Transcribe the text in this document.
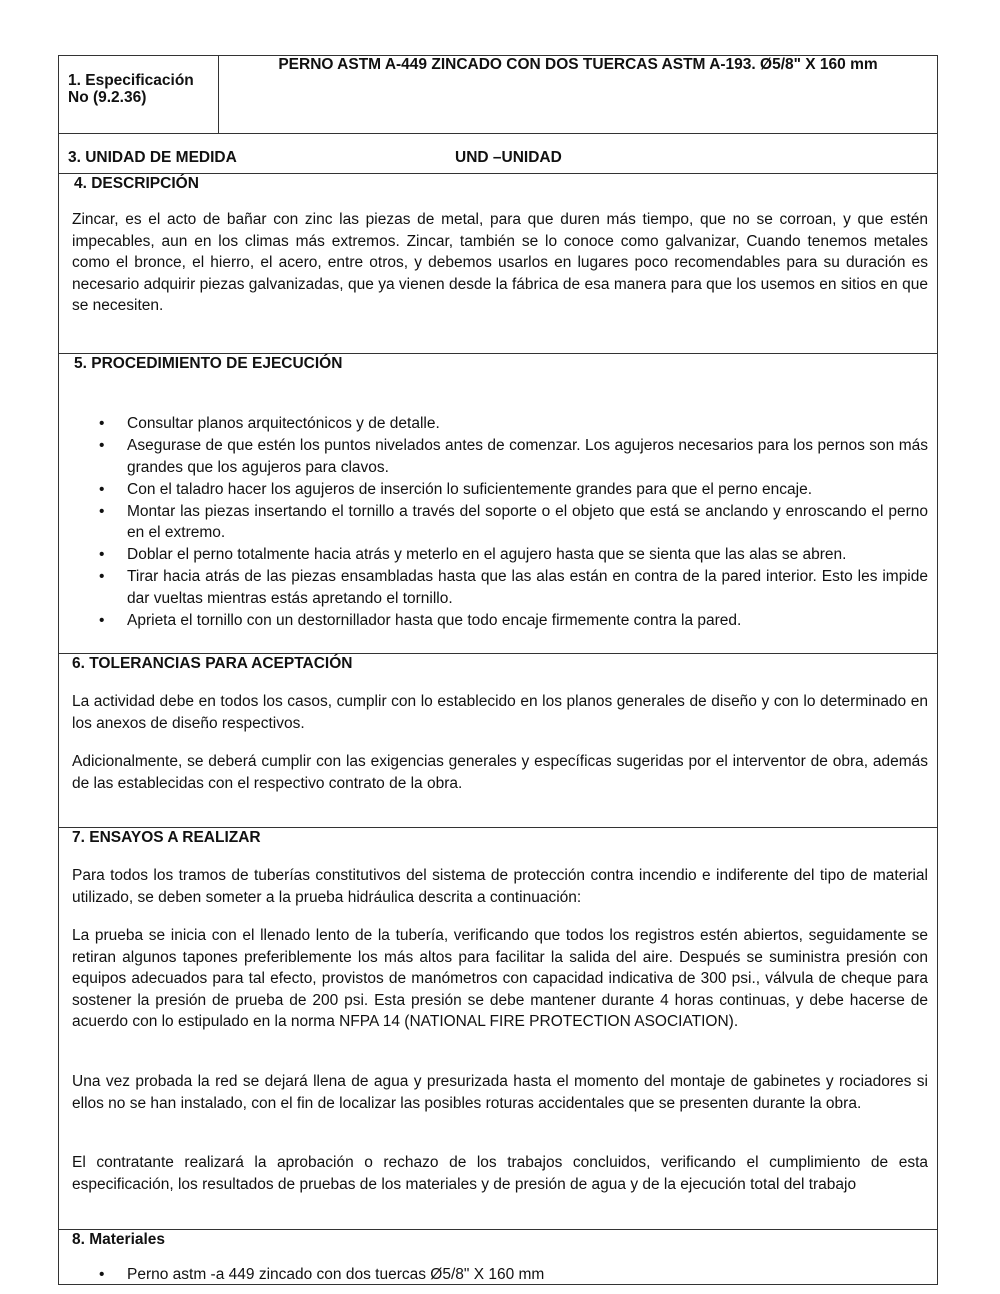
1. Especificación No (9.2.36)
PERNO ASTM A-449 ZINCADO CON DOS TUERCAS ASTM A-193. Ø5/8" X 160 mm
3. UNIDAD DE MEDIDA	UND –UNIDAD
4. DESCRIPCIÓN
Zincar, es el acto de bañar con zinc las piezas de metal, para que duren más tiempo, que no se corroan, y que estén impecables, aun en los climas más extremos. Zincar, también se lo conoce como galvanizar, Cuando tenemos metales como el bronce, el hierro, el acero, entre otros, y debemos usarlos en lugares poco recomendables para su duración es necesario adquirir piezas galvanizadas, que ya vienen desde la fábrica de esa manera para que los usemos en sitios en que se necesiten.
5. PROCEDIMIENTO DE EJECUCIÓN
• Consultar planos arquitectónicos y de detalle.
• Asegurase de que estén los puntos nivelados antes de comenzar. Los agujeros necesarios para los pernos son más grandes que los agujeros para clavos.
• Con el taladro hacer los agujeros de inserción lo suficientemente grandes para que el perno encaje.
• Montar las piezas insertando el tornillo a través del soporte o el objeto que está se anclando y enroscando el perno en el extremo.
• Doblar el perno totalmente hacia atrás y meterlo en el agujero hasta que se sienta que las alas se abren.
• Tirar hacia atrás de las piezas ensambladas hasta que las alas están en contra de la pared interior. Esto les impide dar vueltas mientras estás apretando el tornillo.
• Aprieta el tornillo con un destornillador hasta que todo encaje firmemente contra la pared.
6. TOLERANCIAS PARA ACEPTACIÓN
La actividad debe en todos los casos, cumplir con lo establecido en los planos generales de diseño y con lo determinado en los anexos de diseño respectivos.
Adicionalmente, se deberá cumplir con las exigencias generales y específicas sugeridas por el interventor de obra, además de las establecidas con el respectivo contrato de la obra.
7. ENSAYOS A REALIZAR
Para todos los tramos de tuberías constitutivos del sistema de protección contra incendio e indiferente del tipo de material utilizado, se deben someter a la prueba hidráulica descrita a continuación:
La prueba se inicia con el llenado lento de la tubería, verificando que todos los registros estén abiertos, seguidamente se retiran algunos tapones preferiblemente los más altos para facilitar la salida del aire. Después se suministra presión con equipos adecuados para tal efecto, provistos de manómetros con capacidad indicativa de 300 psi., válvula de cheque para sostener la presión de prueba de 200 psi. Esta presión se debe mantener durante 4 horas continuas, y debe hacerse de acuerdo con lo estipulado en la norma NFPA 14 (NATIONAL FIRE PROTECTION ASOCIATION).
Una vez probada la red se dejará llena de agua y presurizada hasta el momento del montaje de gabinetes y rociadores si ellos no se han instalado, con el fin de localizar las posibles roturas accidentales que se presenten durante la obra.
El contratante realizará la aprobación o rechazo de los trabajos concluidos, verificando el cumplimiento de esta especificación, los resultados de pruebas de los materiales y de presión de agua y de la ejecución total del trabajo
8. Materiales
• Perno astm -a 449 zincado con dos tuercas Ø5/8" X 160 mm
